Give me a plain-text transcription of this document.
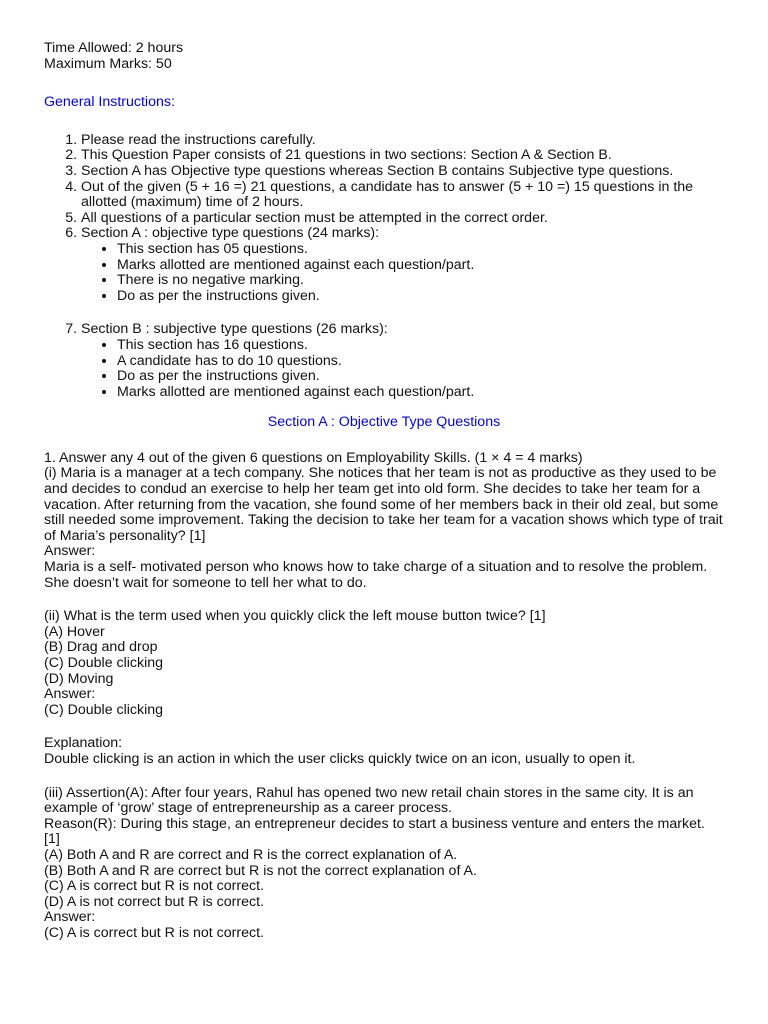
Time Allowed: 2 hours
Maximum Marks: 50
General Instructions:
1. Please read the instructions carefully.
2. This Question Paper consists of 21 questions in two sections: Section A & Section B.
3. Section A has Objective type questions whereas Section B contains Subjective type questions.
4. Out of the given (5 + 16 =) 21 questions, a candidate has to answer (5 + 10 =) 15 questions in the allotted (maximum) time of 2 hours.
5. All questions of a particular section must be attempted in the correct order.
6. Section A : objective type questions (24 marks):
• This section has 05 questions.
• Marks allotted are mentioned against each question/part.
• There is no negative marking.
• Do as per the instructions given.
7. Section B : subjective type questions (26 marks):
• This section has 16 questions.
• A candidate has to do 10 questions.
• Do as per the instructions given.
• Marks allotted are mentioned against each question/part.
Section A : Objective Type Questions
1. Answer any 4 out of the given 6 questions on Employability Skills. (1 × 4 = 4 marks)
(i) Maria is a manager at a tech company. She notices that her team is not as productive as they used to be and decides to condud an exercise to help her team get into old form. She decides to take her team for a vacation. After returning from the vacation, she found some of her members back in their old zeal, but some still needed some improvement. Taking the decision to take her team for a vacation shows which type of trait of Maria’s personality? [1]
Answer:
Maria is a self- motivated person who knows how to take charge of a situation and to resolve the problem. She doesn’t wait for someone to tell her what to do.
(ii) What is the term used when you quickly click the left mouse button twice? [1]
(A) Hover
(B) Drag and drop
(C) Double clicking
(D) Moving
Answer:
(C) Double clicking
Explanation:
Double clicking is an action in which the user clicks quickly twice on an icon, usually to open it.
(iii) Assertion(A): After four years, Rahul has opened two new retail chain stores in the same city. It is an example of ‘grow’ stage of entrepreneurship as a career process.
Reason(R): During this stage, an entrepreneur decides to start a business venture and enters the market. [1]
(A) Both A and R are correct and R is the correct explanation of A.
(B) Both A and R are correct but R is not the correct explanation of A.
(C) A is correct but R is not correct.
(D) A is not correct but R is correct.
Answer:
(C) A is correct but R is not correct.
